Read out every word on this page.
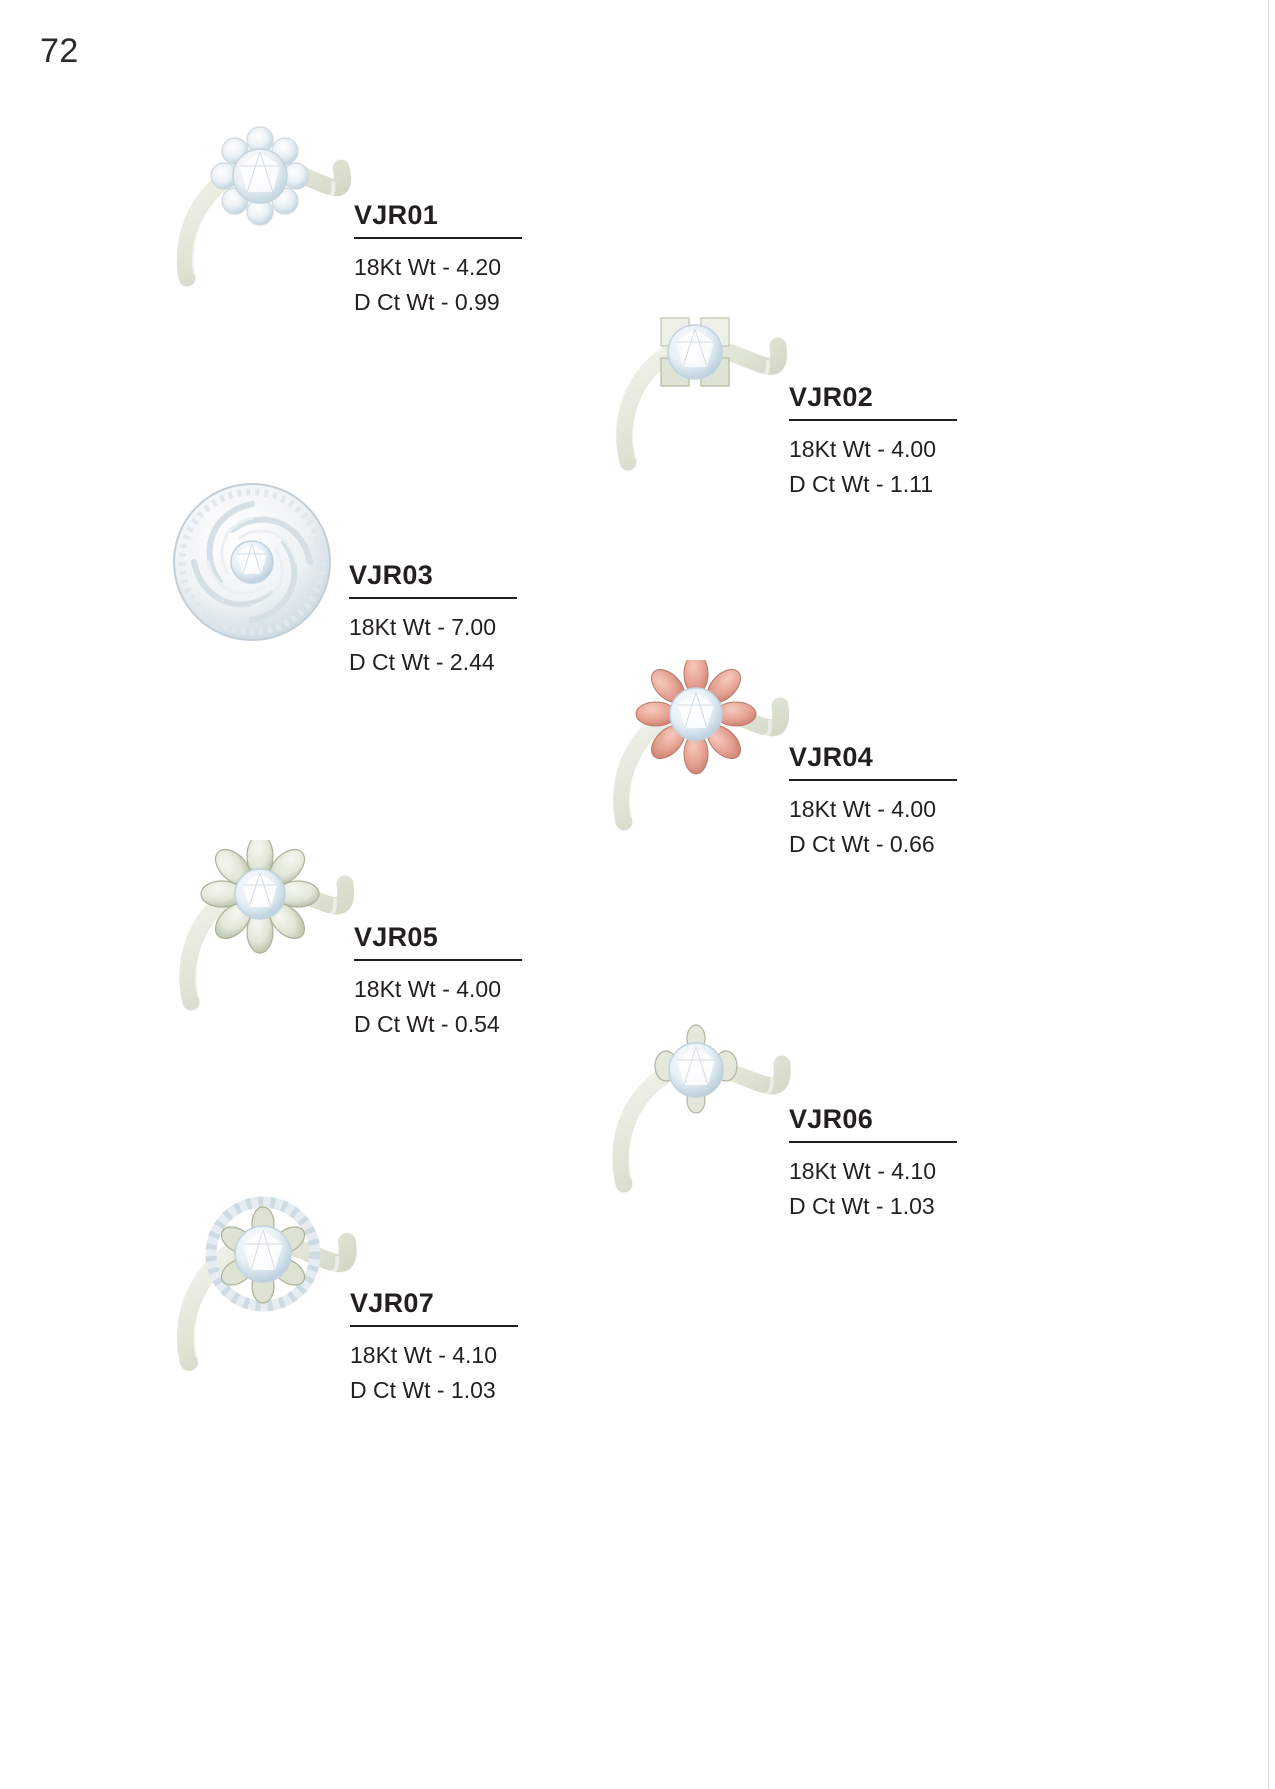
72
VJR01
18Kt Wt - 4.20
D Ct Wt - 0.99
VJR02
18Kt Wt - 4.00
D Ct Wt - 1.11
VJR03
18Kt Wt - 7.00
D Ct Wt - 2.44
VJR04
18Kt Wt - 4.00
D Ct Wt - 0.66
VJR05
18Kt Wt - 4.00
D Ct Wt - 0.54
VJR06
18Kt Wt - 4.10
D Ct Wt - 1.03
VJR07
18Kt Wt - 4.10
D Ct Wt - 1.03
